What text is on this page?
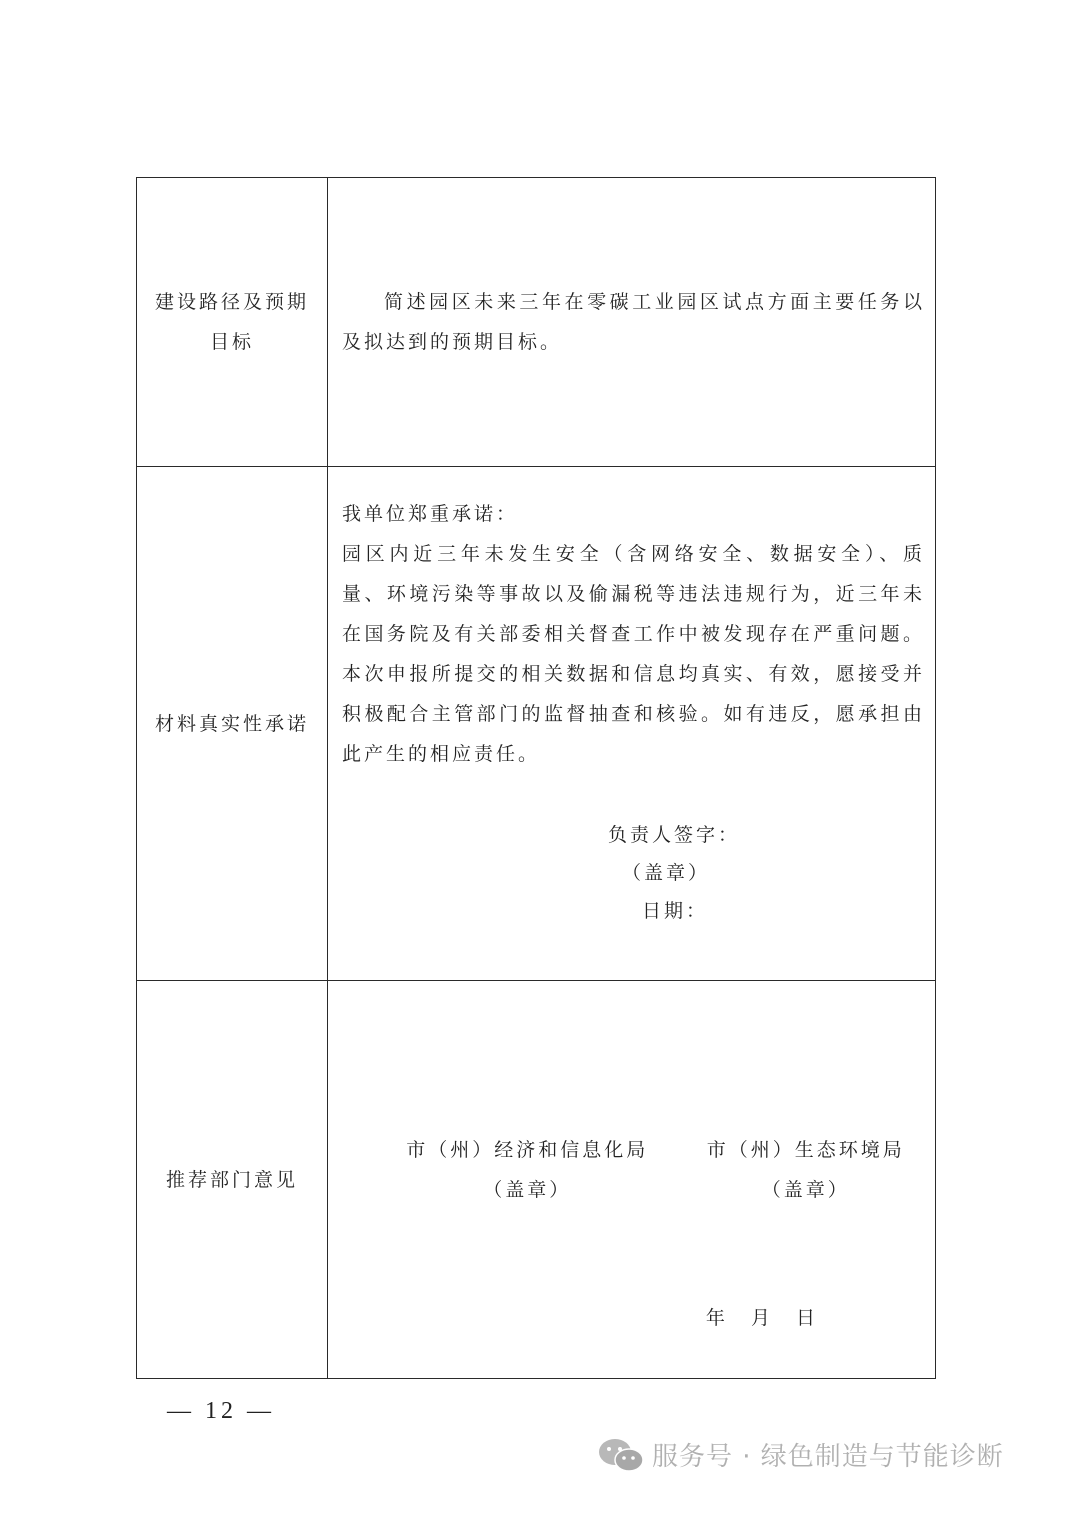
建设路径及预期
目标	简述园区未来三年在零碳工业园区试点方面主要任务以及拟达到的预期目标。

材料真实性承诺	我单位郑重承诺：
园区内近三年未发生安全（含网络安全、数据安全）、质量、环境污染等事故以及偷漏税等违法违规行为，近三年未在国务院及有关部委相关督查工作中被发现存在严重问题。本次申报所提交的相关数据和信息均真实、有效，愿接受并积极配合主管部门的监督抽查和核验。如有违反，愿承担由此产生的相应责任。
负责人签字：
（盖章）
日期：

推荐部门意见	市（州）经济和信息化局
（盖章）
市（州）生态环境局
（盖章）
年 月 日
— 12 —
服务号 · 绿色制造与节能诊断
